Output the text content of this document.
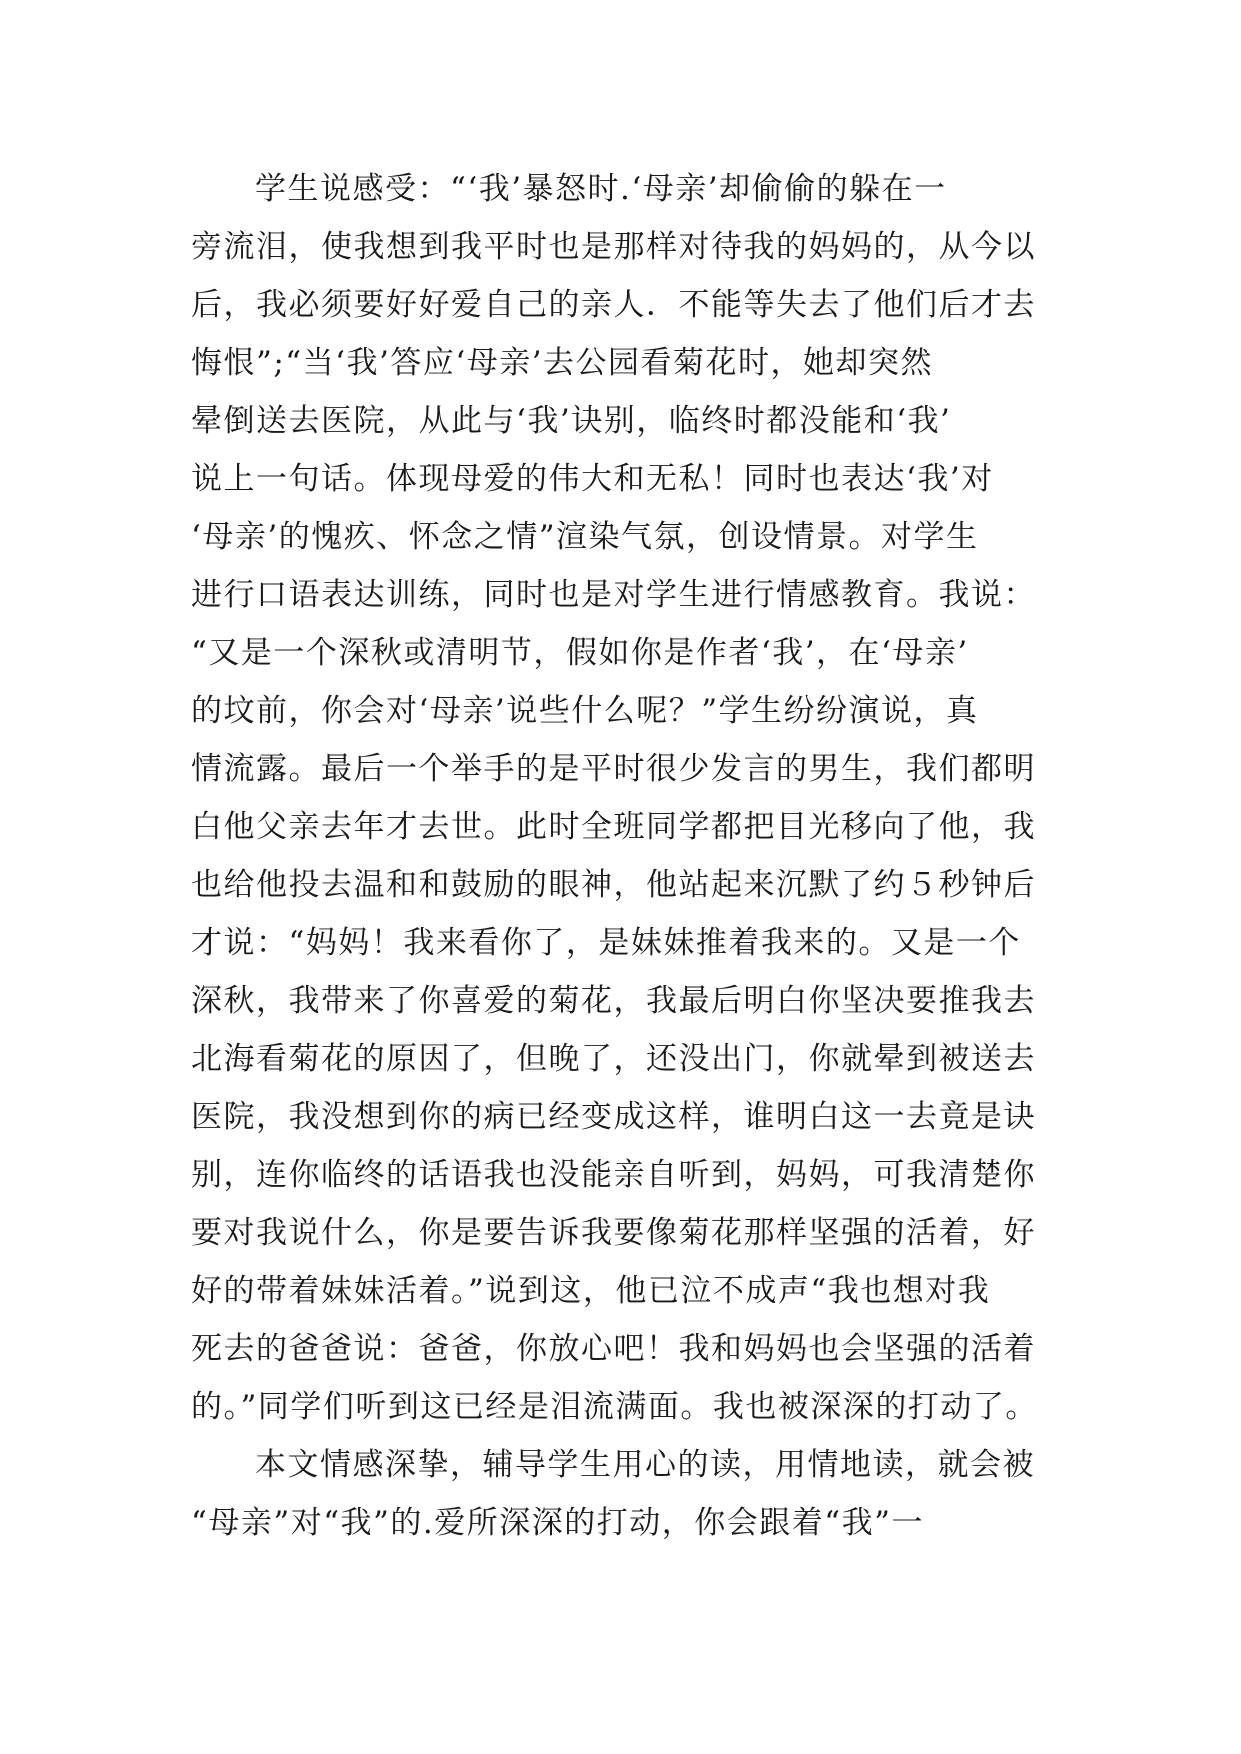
学生说感受：“‘我’暴怒时.‘母亲’却偷偷的躲在一
旁流泪，使我想到我平时也是那样对待我的妈妈的，从今以
后，我必须要好好爱自己的亲人．不能等失去了他们后才去
悔恨”;“当‘我’答应‘母亲’去公园看菊花时，她却突然
晕倒送去医院，从此与‘我’诀别，临终时都没能和‘我’
说上一句话。体现母爱的伟大和无私！同时也表达‘我’对
‘母亲’的愧疚、怀念之情”渲染气氛，创设情景。对学生
进行口语表达训练，同时也是对学生进行情感教育。我说：
“又是一个深秋或清明节，假如你是作者‘我’，在‘母亲’
的坟前，你会对‘母亲’说些什么呢？”学生纷纷演说，真
情流露。最后一个举手的是平时很少发言的男生，我们都明
白他父亲去年才去世。此时全班同学都把目光移向了他，我
也给他投去温和和鼓励的眼神，他站起来沉默了约５秒钟后
才说：“妈妈！我来看你了，是妹妹推着我来的。又是一个
深秋，我带来了你喜爱的菊花，我最后明白你坚决要推我去
北海看菊花的原因了，但晚了，还没出门，你就晕到被送去
医院，我没想到你的病已经变成这样，谁明白这一去竟是诀
别，连你临终的话语我也没能亲自听到，妈妈，可我清楚你
要对我说什么，你是要告诉我要像菊花那样坚强的活着，好
好的带着妹妹活着。”说到这，他已泣不成声“我也想对我
死去的爸爸说：爸爸，你放心吧！我和妈妈也会坚强的活着
的。”同学们听到这已经是泪流满面。我也被深深的打动了。
本文情感深挚，辅导学生用心的读，用情地读，就会被
“母亲”对“我”的.爱所深深的打动，你会跟着“我”一
